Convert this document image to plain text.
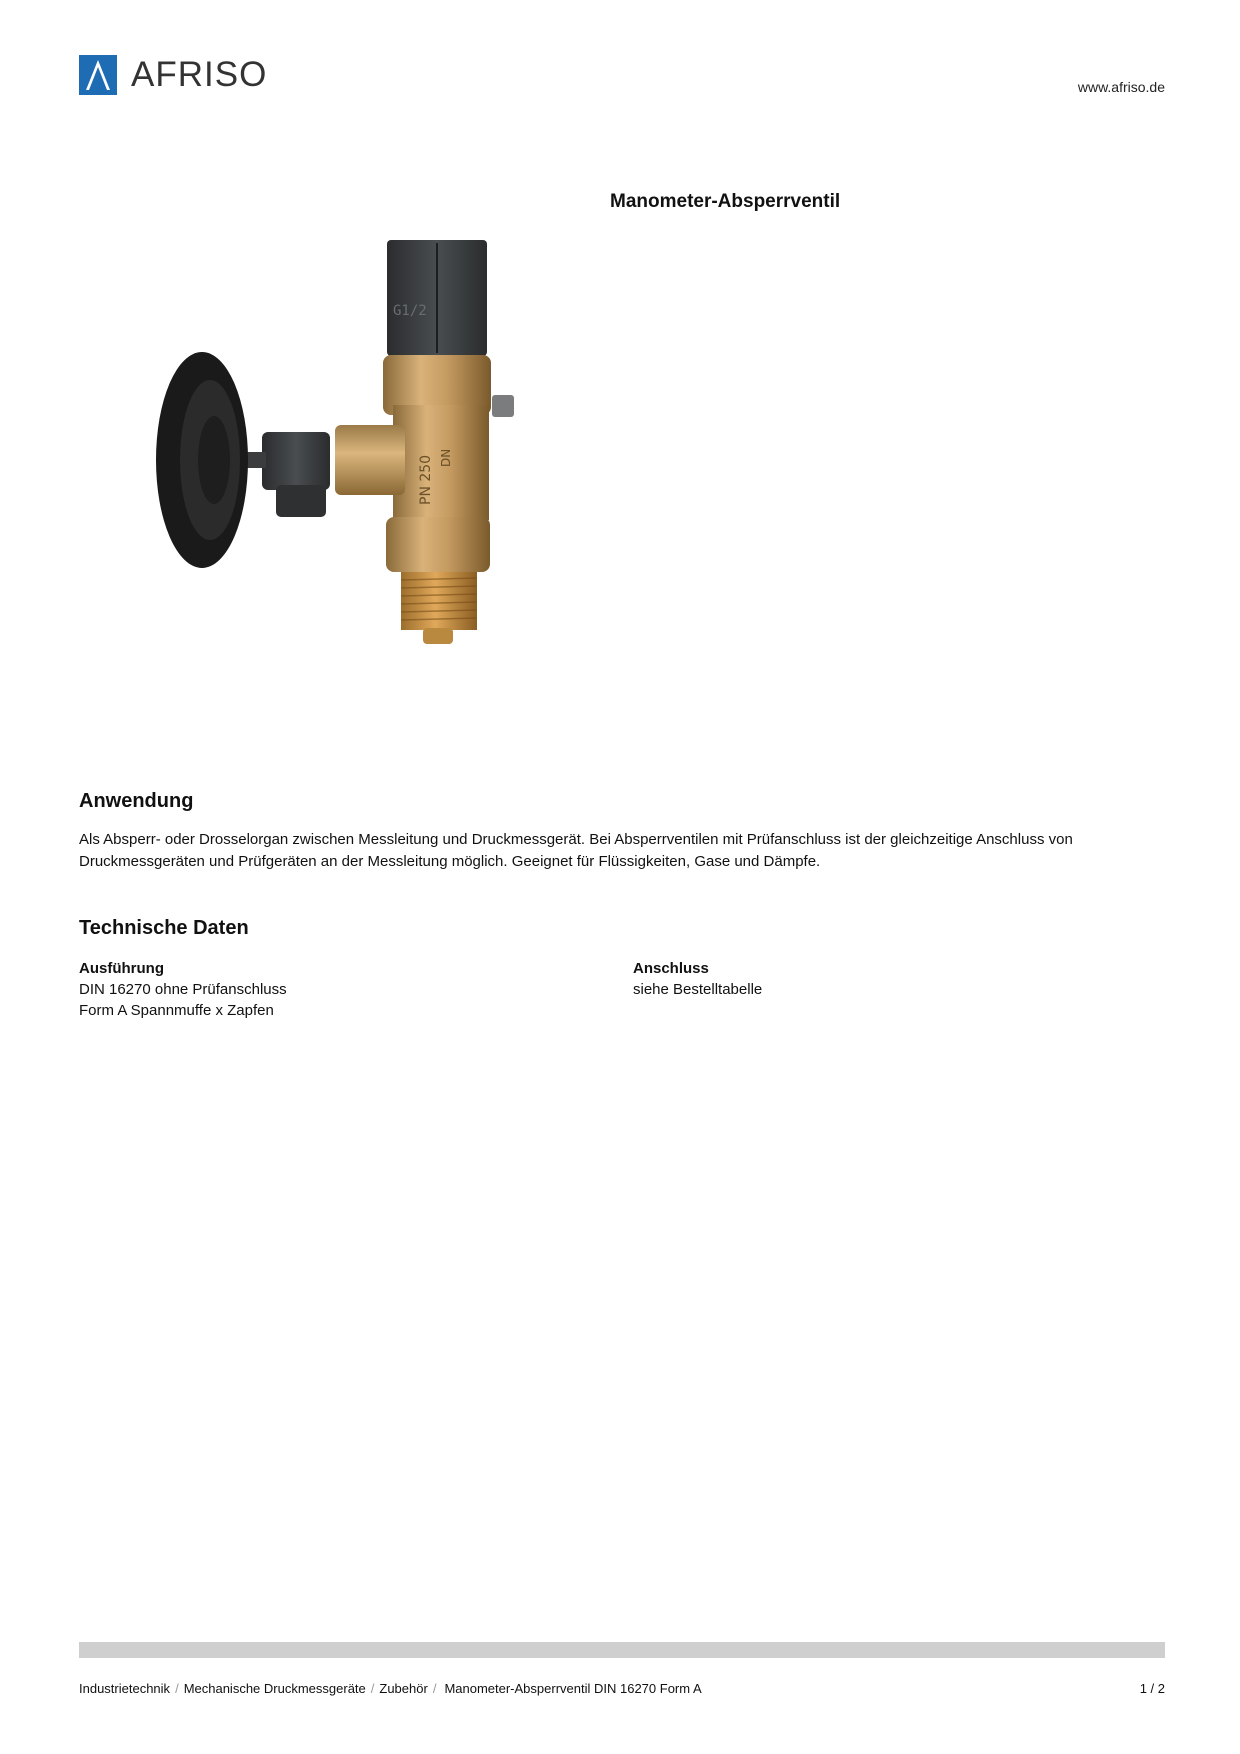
AFRISO	www.afriso.de
Manometer-Absperrventil
G1/2
PN 250 DN
Anwendung
Als Absperr- oder Drosselorgan zwischen Messleitung und Druckmessgerät. Bei Absperrventilen mit Prüfanschluss ist der gleichzeitige Anschluss von Druckmessgeräten und Prüfgeräten an der Messleitung möglich. Geeignet für Flüssigkeiten, Gase und Dämpfe.
Technische Daten
Ausführung
DIN 16270 ohne Prüfanschluss
Form A Spannmuffe x Zapfen
Anschluss
siehe Bestelltabelle
Industrietechnik / Mechanische Druckmessgeräte / Zubehör / Manometer-Absperrventil DIN 16270 Form A	1 / 2
